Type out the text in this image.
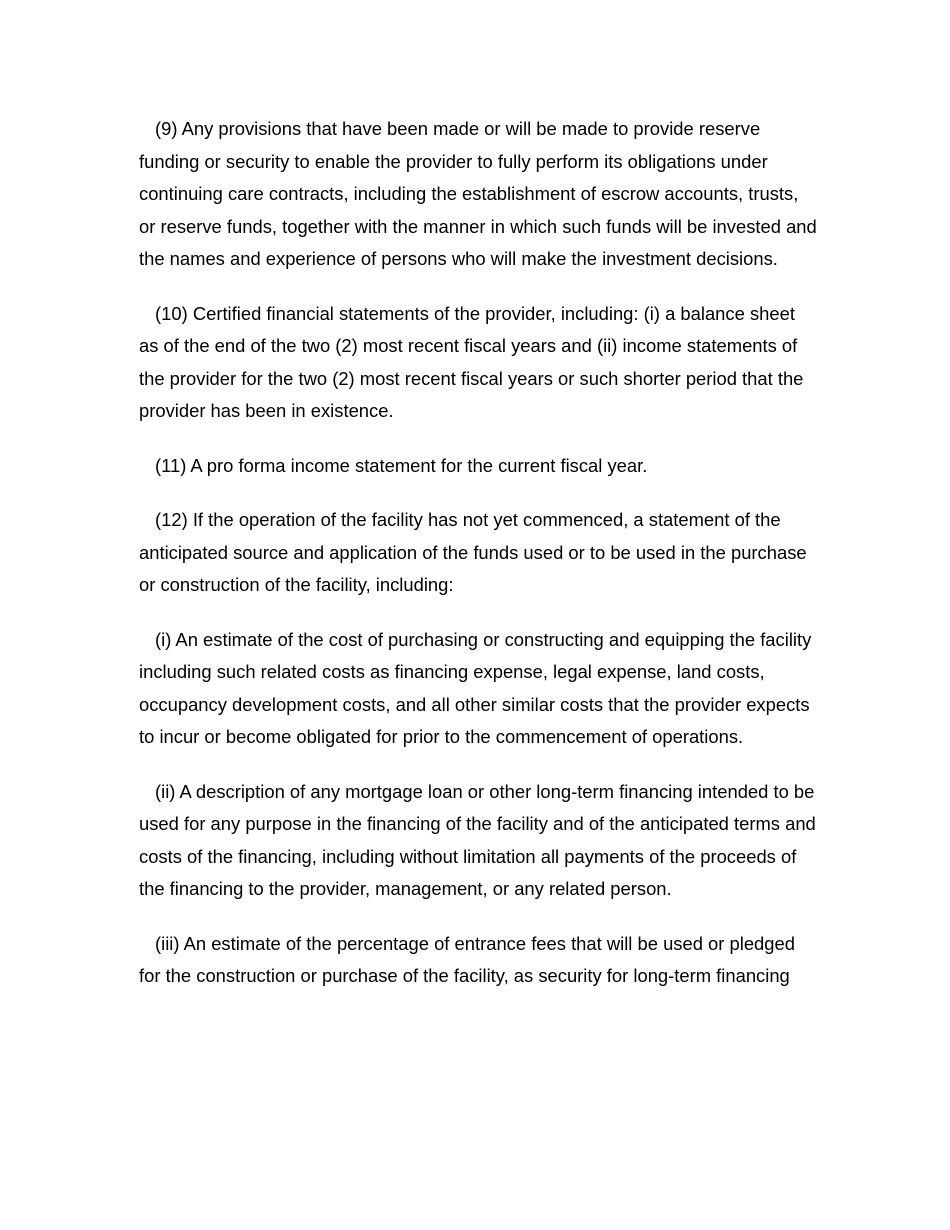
(9) Any provisions that have been made or will be made to provide reserve funding or security to enable the provider to fully perform its obligations under continuing care contracts, including the establishment of escrow accounts, trusts, or reserve funds, together with the manner in which such funds will be invested and the names and experience of persons who will make the investment decisions.

(10) Certified financial statements of the provider, including: (i) a balance sheet as of the end of the two (2) most recent fiscal years and (ii) income statements of the provider for the two (2) most recent fiscal years or such shorter period that the provider has been in existence.

(11) A pro forma income statement for the current fiscal year.

(12) If the operation of the facility has not yet commenced, a statement of the anticipated source and application of the funds used or to be used in the purchase or construction of the facility, including:

(i) An estimate of the cost of purchasing or constructing and equipping the facility including such related costs as financing expense, legal expense, land costs, occupancy development costs, and all other similar costs that the provider expects to incur or become obligated for prior to the commencement of operations.

(ii) A description of any mortgage loan or other long-term financing intended to be used for any purpose in the financing of the facility and of the anticipated terms and costs of the financing, including without limitation all payments of the proceeds of the financing to the provider, management, or any related person.

(iii) An estimate of the percentage of entrance fees that will be used or pledged for the construction or purchase of the facility, as security for long-term financing
